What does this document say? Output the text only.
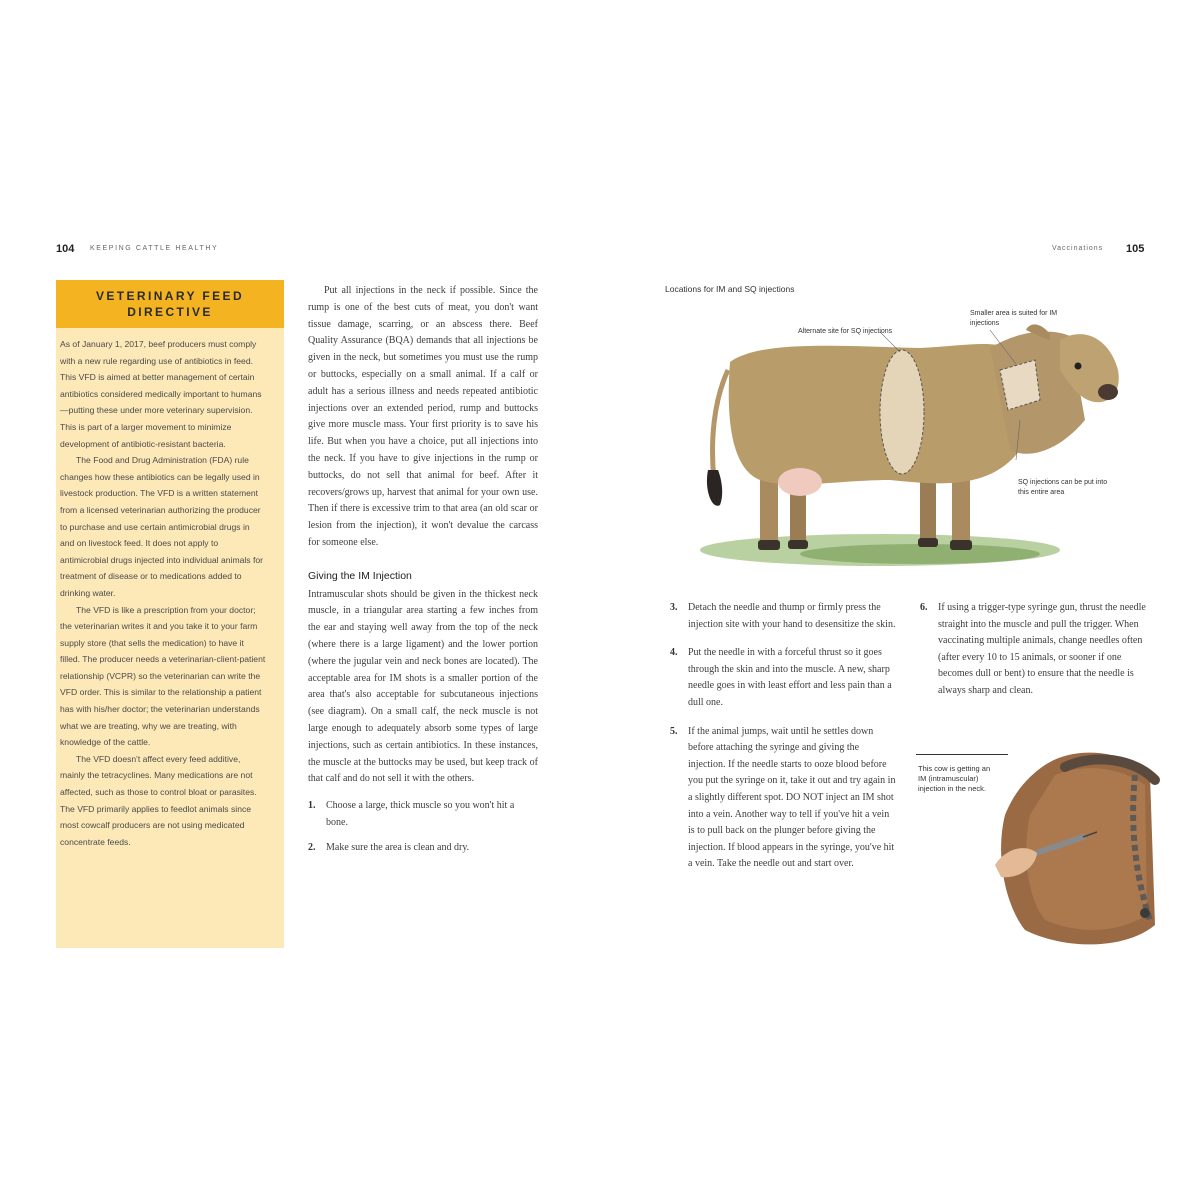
104 KEEPING CATTLE HEALTHY	Vaccinations 105
VETERINARY FEED DIRECTIVE

As of January 1, 2017, beef producers must comply with a new rule regarding use of antibiotics in feed. This VFD is aimed at better management of certain antibiotics considered medically important to humans—putting these under more veterinary supervision. This is part of a larger movement to minimize development of antibiotic-resistant bacteria.

The Food and Drug Administration (FDA) rule changes how these antibiotics can be legally used in livestock production. The VFD is a written statement from a licensed veterinarian authorizing the producer to purchase and use certain antimicrobial drugs in and on livestock feed. It does not apply to antimicrobial drugs injected into individual animals for treatment of disease or to medications added to drinking water.

The VFD is like a prescription from your doctor; the veterinarian writes it and you take it to your farm supply store (that sells the medication) to have it filled. The producer needs a veterinarian-client-patient relationship (VCPR) so the veterinarian can write the VFD order. This is similar to the relationship a patient has with his/her doctor; the veterinarian understands what we are treating, why we are treating, with knowledge of the cattle.

The VFD doesn't affect every feed additive, mainly the tetracyclines. Many medications are not affected, such as those to control bloat or parasites. The VFD primarily applies to feedlot animals since most cowcalf producers are not using medicated concentrate feeds.

Put all injections in the neck if possible. Since the rump is one of the best cuts of meat, you don't want tissue damage, scarring, or an abscess there. Beef Quality Assurance (BQA) demands that all injections be given in the neck, but sometimes you must use the rump or buttocks, especially on a small animal. If a calf or adult has a serious illness and needs repeated antibiotic injections over an extended period, rump and buttocks give more muscle mass. Your first priority is to save his life. But when you have a choice, put all injections into the neck. If you have to give injections in the rump or buttocks, do not sell that animal for beef. After it recovers/grows up, harvest that animal for your own use. Then if there is excessive trim to that area (an old scar or lesion from the injection), it won't devalue the carcass for someone else.

Giving the IM Injection

Intramuscular shots should be given in the thickest neck muscle, in a triangular area starting a few inches from the ear and staying well away from the top of the neck (where there is a large ligament) and the lower portion (where the jugular vein and neck bones are located). The acceptable area for IM shots is a smaller portion of the area that's also acceptable for subcutaneous injections (see diagram). On a small calf, the neck muscle is not large enough to adequately absorb some types of large injections, such as certain antibiotics. In these instances, the muscle at the buttocks may be used, but keep track of that calf and do not sell it with the others.

1.	Choose a large, thick muscle so you won't hit a bone.
2.	Make sure the area is clean and dry.
Locations for IM and SQ injections
Alternate site for SQ injections
Smaller area is suited for IM injections
SQ injections can be put into this entire area
3.	Detach the needle and thump or firmly press the injection site with your hand to desensitize the skin.
4.	Put the needle in with a forceful thrust so it goes through the skin and into the muscle. A new, sharp needle goes in with least effort and less pain than a dull one.
5.	If the animal jumps, wait until he settles down before attaching the syringe and giving the injection. If the needle starts to ooze blood before you put the syringe on it, take it out and try again in a slightly different spot. DO NOT inject an IM shot into a vein. Another way to tell if you've hit a vein is to pull back on the plunger before giving the injection. If blood appears in the syringe, you've hit a vein. Take the needle out and start over.
6.	If using a trigger-type syringe gun, thrust the needle straight into the muscle and pull the trigger. When vaccinating multiple animals, change needles often (after every 10 to 15 animals, or sooner if one becomes dull or bent) to ensure that the needle is always sharp and clean.
This cow is getting an IM (intramuscular) injection in the neck.
